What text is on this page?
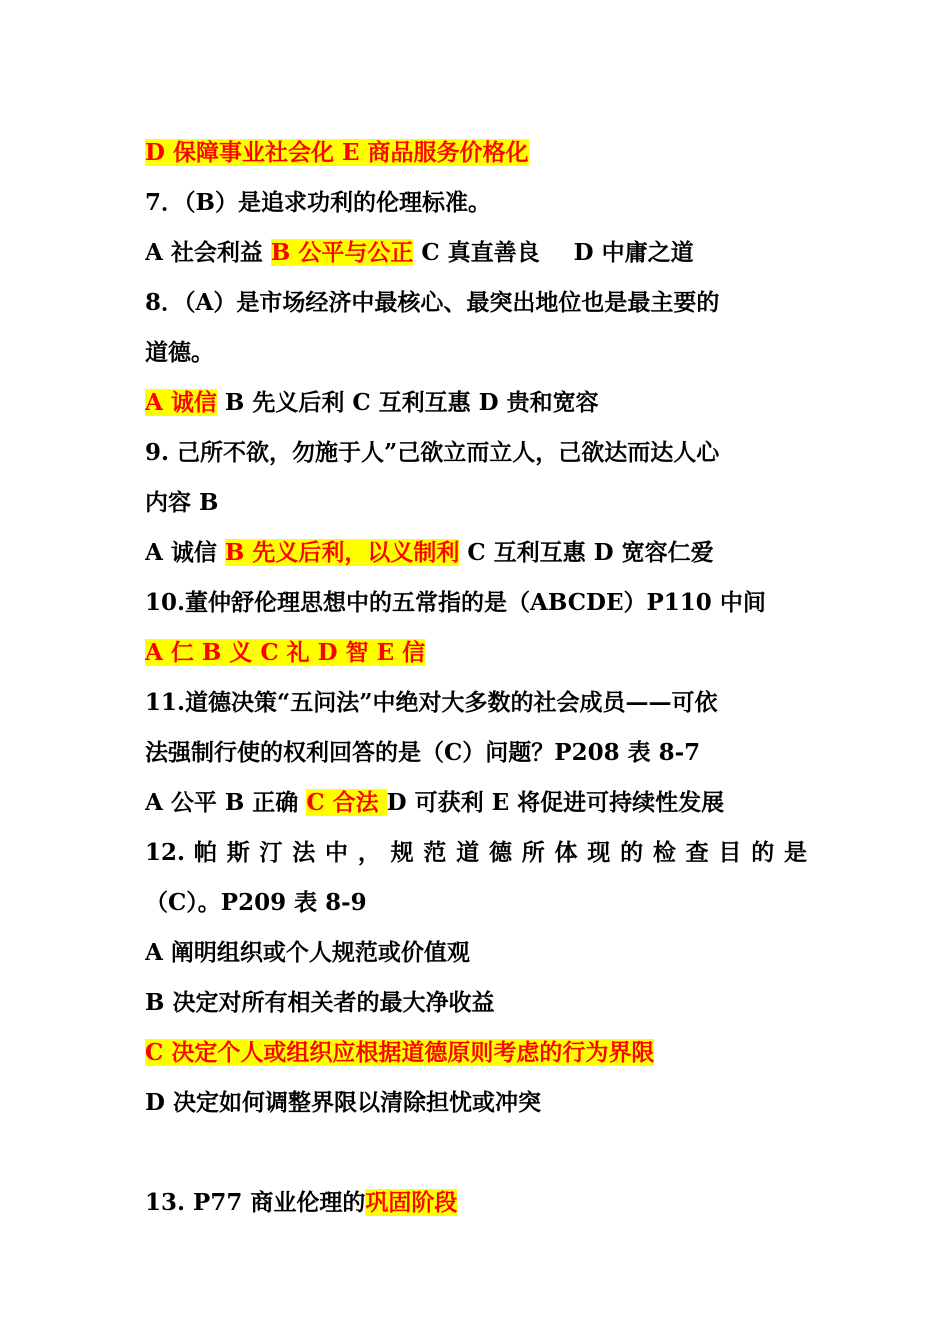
D 保障事业社会化 E 商品服务价格化
7．（B）是追求功利的伦理标准。
A 社会利益 B 公平与公正 C 真直善良 D 中庸之道
8．（A）是市场经济中最核心、最突出地位也是最主要的
道德。
A 诚信 B 先义后利 C 互利互惠 D 贵和宽容
9. 己所不欲，勿施于人”己欲立而立人，己欲达而达人心
内容 B
A 诚信 B 先义后利，以义制利 C 互利互惠 D 宽容仁爱
10.董仲舒伦理思想中的五常指的是（ABCDE）P110 中间
A 仁 B 义 C 礼 D 智 E 信
11.道德决策“五问法”中绝对大多数的社会成员——可依
法强制行使的权利回答的是（C）问题？P208 表 8-7
A 公平 B 正确 C 合法 D 可获利 E 将促进可持续性发展
12. 帕 斯 汀 法 中 ， 规 范 道 德 所 体 现 的 检 查 目 的 是
（C）。P209 表 8-9
A 阐明组织或个人规范或价值观
B 决定对所有相关者的最大净收益
C 决定个人或组织应根据道德原则考虑的行为界限
D 决定如何调整界限以清除担忧或冲突
13. P77 商业伦理的巩固阶段
